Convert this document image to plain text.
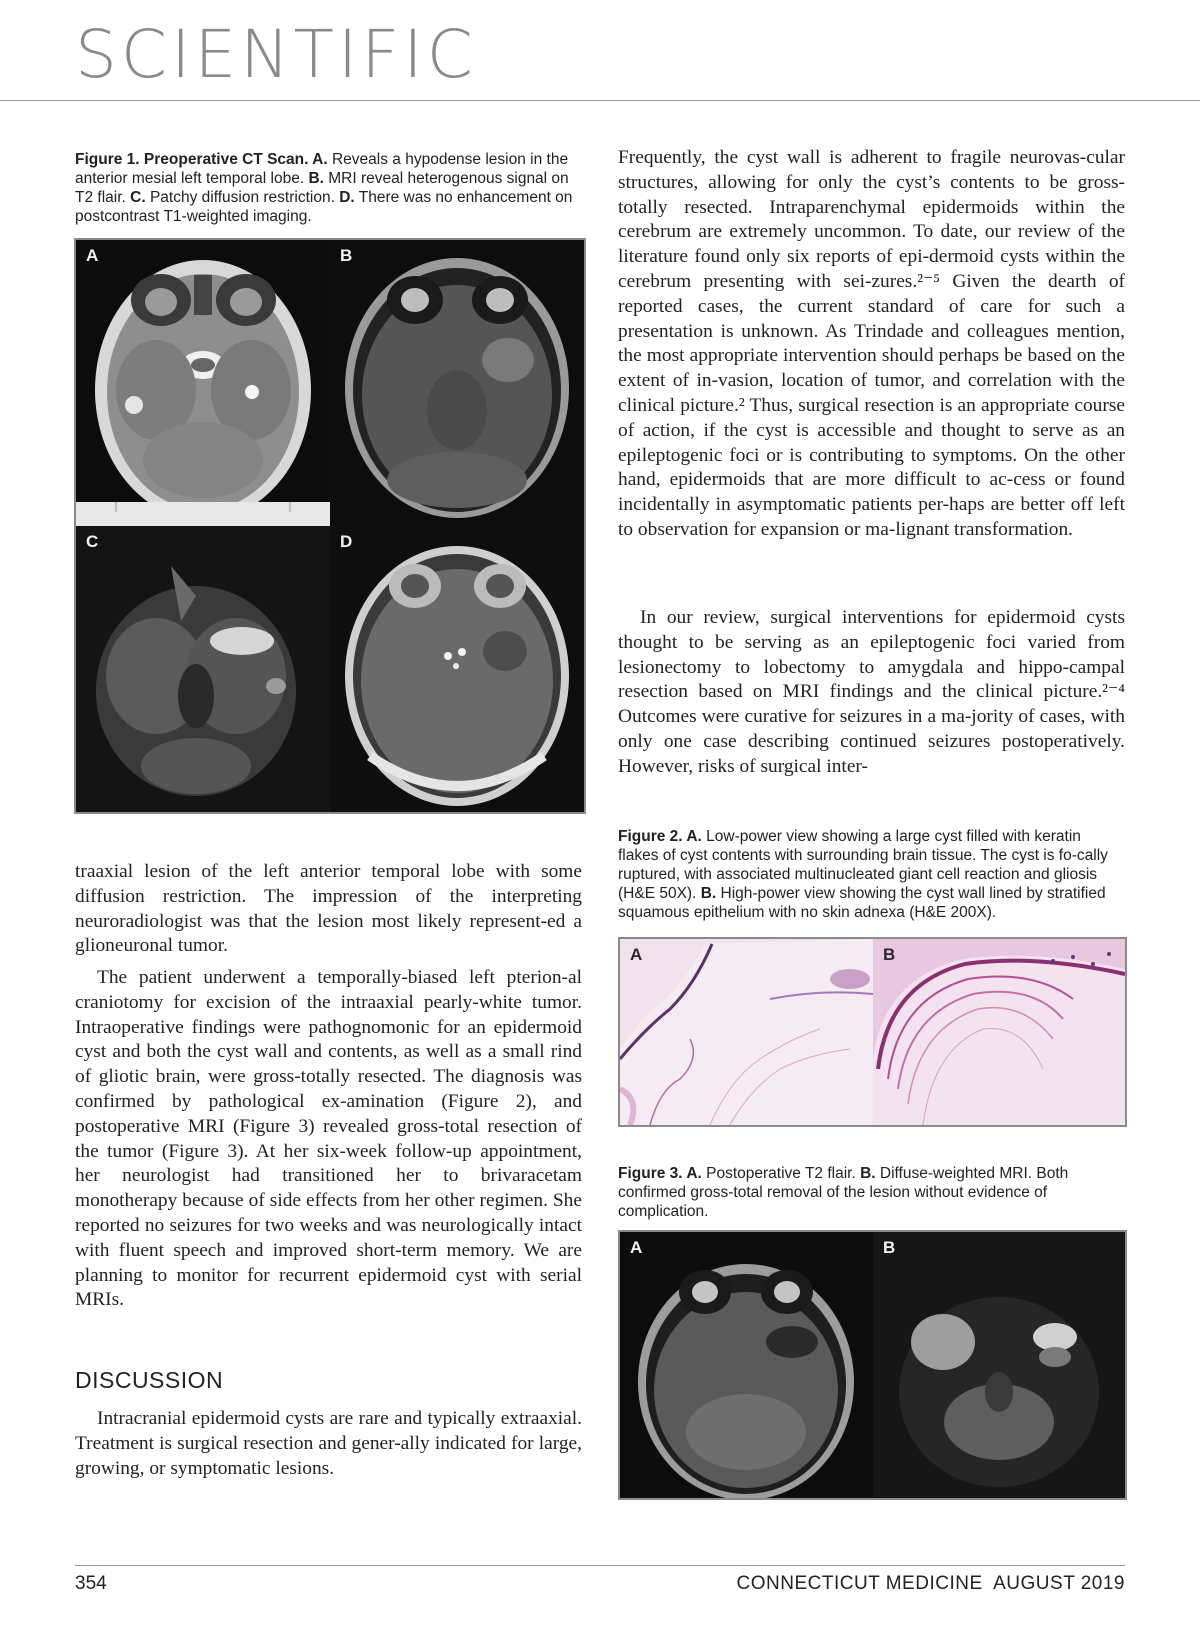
SCIENTIFIC

Figure 1. Preoperative CT Scan. A. Reveals a hypodense lesion in the anterior mesial left temporal lobe. B. MRI reveal heterogenous signal on T2 flair. C. Patchy diffusion restriction. D. There was no enhancement on postcontrast T1-weighted imaging.

A	B
C	D

Frequently, the cyst wall is adherent to fragile neurovas-cular structures, allowing for only the cyst’s contents to be gross-totally resected. Intraparenchymal epidermoids within the cerebrum are extremely uncommon. To date, our review of the literature found only six reports of epi-dermoid cysts within the cerebrum presenting with sei-zures.²⁻⁵ Given the dearth of reported cases, the current standard of care for such a presentation is unknown. As Trindade and colleagues mention, the most appropriate intervention should perhaps be based on the extent of in-vasion, location of tumor, and correlation with the clinical picture.² Thus, surgical resection is an appropriate course of action, if the cyst is accessible and thought to serve as an epileptogenic foci or is contributing to symptoms. On the other hand, epidermoids that are more difficult to ac-cess or found incidentally in asymptomatic patients per-haps are better off left to observation for expansion or ma-lignant transformation.

In our review, surgical interventions for epidermoid cysts thought to be serving as an epileptogenic foci varied from lesionectomy to lobectomy to amygdala and hippo-campal resection based on MRI findings and the clinical picture.²⁻⁴ Outcomes were curative for seizures in a ma-jority of cases, with only one case describing continued seizures postoperatively. However, risks of surgical inter-

Figure 2. A. Low-power view showing a large cyst filled with keratin flakes of cyst contents with surrounding brain tissue. The cyst is fo-cally ruptured, with associated multinucleated giant cell reaction and gliosis (H&E 50X). B. High-power view showing the cyst wall lined by stratified squamous epithelium with no skin adnexa (H&E 200X).

A	B

Figure 3. A. Postoperative T2 flair. B. Diffuse-weighted MRI. Both confirmed gross-total removal of the lesion without evidence of complication.

A	B

traaxial lesion of the left anterior temporal lobe with some diffusion restriction. The impression of the interpreting neuroradiologist was that the lesion most likely represent-ed a glioneuronal tumor.

The patient underwent a temporally-biased left pterion-al craniotomy for excision of the intraaxial pearly-white tumor. Intraoperative findings were pathognomonic for an epidermoid cyst and both the cyst wall and contents, as well as a small rind of gliotic brain, were gross-totally resected. The diagnosis was confirmed by pathological ex-amination (Figure 2), and postoperative MRI (Figure 3) revealed gross-total resection of the tumor (Figure 3). At her six-week follow-up appointment, her neurologist had transitioned her to brivaracetam monotherapy because of side effects from her other regimen. She reported no seizures for two weeks and was neurologically intact with fluent speech and improved short-term memory. We are planning to monitor for recurrent epidermoid cyst with serial MRIs.

DISCUSSION

Intracranial epidermoid cysts are rare and typically extraaxial. Treatment is surgical resection and gener-ally indicated for large, growing, or symptomatic lesions.

354	CONNECTICUT MEDICINE  AUGUST 2019
